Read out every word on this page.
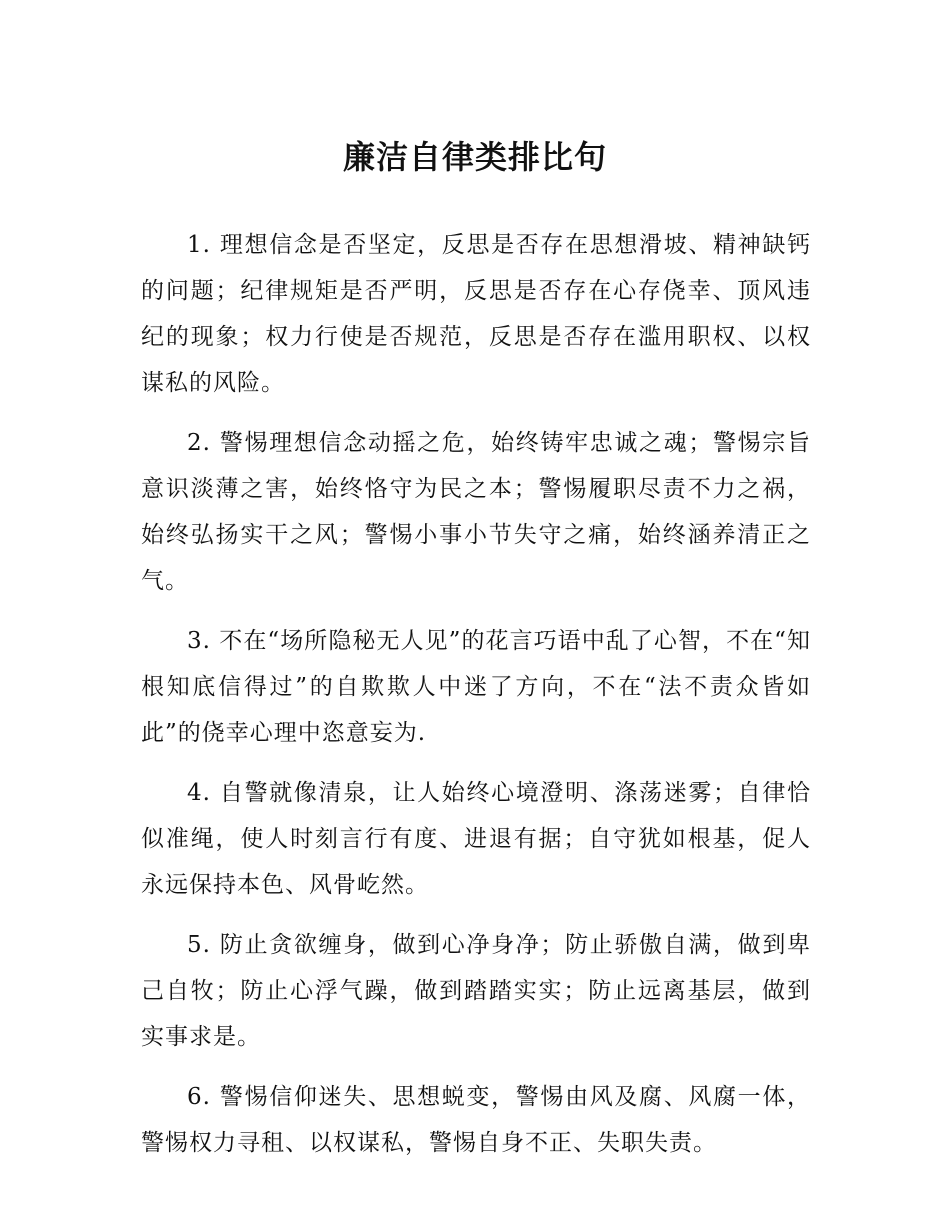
廉洁自律类排比句

1. 理想信念是否坚定，反思是否存在思想滑坡、精神缺钙的问题；纪律规矩是否严明，反思是否存在心存侥幸、顶风违纪的现象；权力行使是否规范，反思是否存在滥用职权、以权谋私的风险。

2. 警惕理想信念动摇之危，始终铸牢忠诚之魂；警惕宗旨意识淡薄之害，始终恪守为民之本；警惕履职尽责不力之祸，始终弘扬实干之风；警惕小事小节失守之痛，始终涵养清正之气。

3. 不在“场所隐秘无人见”的花言巧语中乱了心智，不在“知根知底信得过”的自欺欺人中迷了方向，不在“法不责众皆如此”的侥幸心理中恣意妄为.

4. 自警就像清泉，让人始终心境澄明、涤荡迷雾；自律恰似准绳，使人时刻言行有度、进退有据；自守犹如根基，促人永远保持本色、风骨屹然。

5. 防止贪欲缠身，做到心净身净；防止骄傲自满，做到卑己自牧；防止心浮气躁，做到踏踏实实；防止远离基层，做到实事求是。

6. 警惕信仰迷失、思想蜕变，警惕由风及腐、风腐一体，警惕权力寻租、以权谋私，警惕自身不正、失职失责。
